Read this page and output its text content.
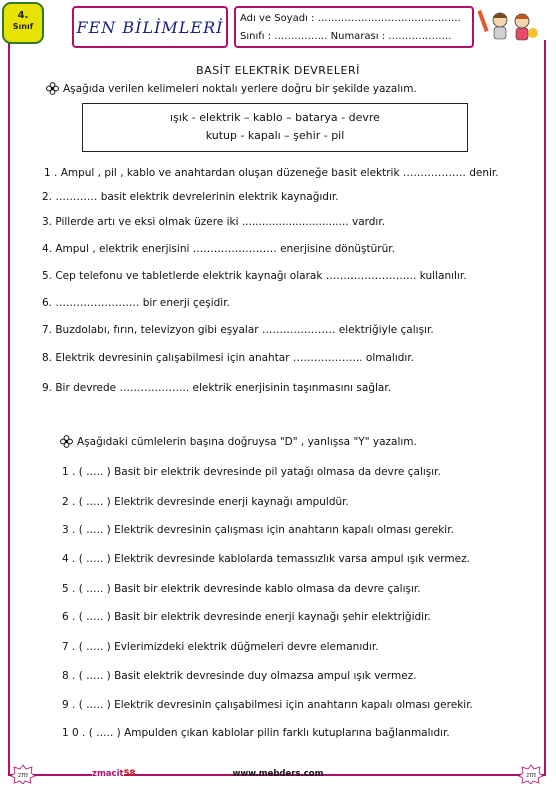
4.
Sınıf	FEN BİLİMLERİ Adı ve Soyadı : …………………………………….
Sınıfı : ……………. Numarası : ……………….
BASİT ELEKTRİK DEVRELERİ
Aşağıda verilen kelimeleri noktalı yerlere doğru bir şekilde yazalım.
ışık - elektrik – kablo – batarya - devre
kutup - kapalı – şehir - pil
1 . Ampul , pil , kablo ve anahtardan oluşan düzeneğe basit elektrik ……………… denir.
2. ………… basit elektrik devrelerinin elektrik kaynağıdır.
3. Pillerde artı ve eksi olmak üzere iki ................................ vardır.
4. Ampul , elektrik enerjisini …………………… enerjisine dönüştürür.
5. Cep telefonu ve tabletlerde elektrik kaynağı olarak …………………….. kullanılır.
6. …………………… bir enerji çeşidir.
7. Buzdolabı, fırın, televizyon gibi eşyalar ………………… elektriğiyle çalışır.
8. Elektrik devresinin çalışabilmesi için anahtar ……………….. olmalıdır.
9. Bir devrede ……………….. elektrik enerjisinin taşınmasını sağlar.
Aşağıdaki cümlelerin başına doğruysa "D" , yanlışsa "Y" yazalım.
1 . ( ….. ) Basit bir elektrik devresinde pil yatağı olmasa da devre çalışır.
2 . ( ….. ) Elektrik devresinde enerji kaynağı ampuldür.
3 . ( ….. ) Elektrik devresinin çalışması için anahtarın kapalı olması gerekir.
4 . ( ….. ) Elektrik devresinde kablolarda temassızlık varsa ampul ışık vermez.
5 . ( ….. ) Basit bir elektrik devresinde kablo olmasa da devre çalışır.
6 . ( ….. ) Basit bir elektrik devresinde enerji kaynağı şehir elektriğidir.
7 . ( ….. ) Evlerimizdeki elektrik düğmeleri devre elemanıdır.
8 . ( ….. ) Basit elektrik devresinde duy olmazsa ampul ışık vermez.
9 . ( ….. ) Elektrik devresinin çalışabilmesi için anahtarın kapalı olması gerekir.
1 0 . ( ….. ) Ampulden çıkan kablolar pilin farklı kutuplarına bağlanmalıdır.
zm	zm
zmacit58	www.mebders.com
